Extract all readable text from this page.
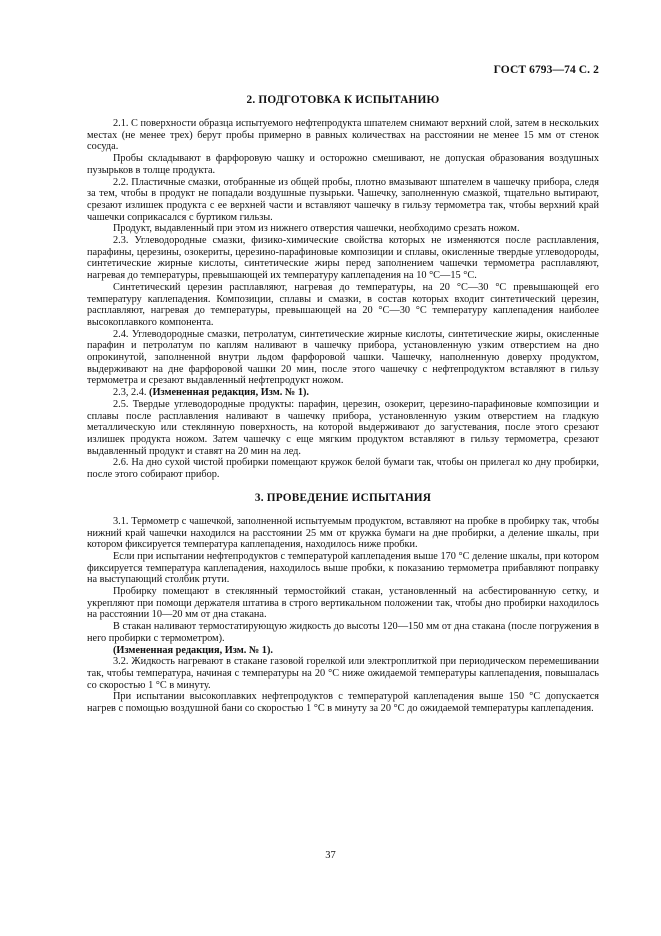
ГОСТ 6793—74 С. 2
2. ПОДГОТОВКА К ИСПЫТАНИЮ

2.1. С поверхности образца испытуемого нефтепродукта шпателем снимают верхний слой, затем в нескольких местах (не менее трех) берут пробы примерно в равных количествах на расстоянии не менее 15 мм от стенок сосуда.

Пробы складывают в фарфоровую чашку и осторожно смешивают, не допуская образования воздушных пузырьков в толще продукта.

2.2. Пластичные смазки, отобранные из общей пробы, плотно вмазывают шпателем в чашечку прибора, следя за тем, чтобы в продукт не попадали воздушные пузырьки. Чашечку, заполненную смазкой, тщательно вытирают, срезают излишек продукта с ее верхней части и вставляют чашечку в гильзу термометра так, чтобы верхний край чашечки соприкасался с буртиком гильзы.

Продукт, выдавленный при этом из нижнего отверстия чашечки, необходимо срезать ножом.

2.3. Углеводородные смазки, физико-химические свойства которых не изменяются после расплавления, парафины, церезины, озокериты, церезино-парафиновые композиции и сплавы, окисленные твердые углеводороды, синтетические жирные кислоты, синтетические жиры перед заполнением чашечки термометра расплавляют, нагревая до температуры, превышающей их температуру каплепадения на 10 °С—15 °С.

Синтетический церезин расплавляют, нагревая до температуры, на 20 °С—30 °С превышающей его температуру каплепадения. Композиции, сплавы и смазки, в состав которых входит синтетический церезин, расплавляют, нагревая до температуры, превышающей на 20 °С—30 °С температуру каплепадения наиболее высокоплавкого компонента.

2.4. Углеводородные смазки, петролатум, синтетические жирные кислоты, синтетические жиры, окисленные парафин и петролатум по каплям наливают в чашечку прибора, установленную узким отверстием на дно опрокинутой, заполненной внутри льдом фарфоровой чашки. Чашечку, наполненную доверху продуктом, выдерживают на дне фарфоровой чашки 20 мин, после этого чашечку с нефтепродуктом вставляют в гильзу термометра и срезают выдавленный нефтепродукт ножом.

2.3, 2.4. (Измененная редакция, Изм. № 1).

2.5. Твердые углеводородные продукты: парафин, церезин, озокерит, церезино-парафиновые композиции и сплавы после расплавления наливают в чашечку прибора, установленную узким отверстием на гладкую металлическую или стеклянную поверхность, на которой выдерживают до загустевания, после этого срезают излишек продукта ножом. Затем чашечку с еще мягким продуктом вставляют в гильзу термометра, срезают выдавленный продукт и ставят на 20 мин на лед.

2.6. На дно сухой чистой пробирки помещают кружок белой бумаги так, чтобы он прилегал ко дну пробирки, после этого собирают прибор.

3. ПРОВЕДЕНИЕ ИСПЫТАНИЯ

3.1. Термометр с чашечкой, заполненной испытуемым продуктом, вставляют на пробке в пробирку так, чтобы нижний край чашечки находился на расстоянии 25 мм от кружка бумаги на дне пробирки, а деление шкалы, при котором фиксируется температура каплепадения, находилось ниже пробки.

Если при испытании нефтепродуктов с температурой каплепадения выше 170 °С деление шкалы, при котором фиксируется температура каплепадения, находилось выше пробки, к показанию термометра прибавляют поправку на выступающий столбик ртути.

Пробирку помещают в стеклянный термостойкий стакан, установленный на асбестированную сетку, и укрепляют при помощи держателя штатива в строго вертикальном положении так, чтобы дно пробирки находилось на расстоянии 10—20 мм от дна стакана.

В стакан наливают термостатирующую жидкость до высоты 120—150 мм от дна стакана (после погружения в него пробирки с термометром).

(Измененная редакция, Изм. № 1).

3.2. Жидкость нагревают в стакане газовой горелкой или электроплиткой при периодическом перемешивании так, чтобы температура, начиная с температуры на 20 °С ниже ожидаемой температуры каплепадения, повышалась со скоростью 1 °С в минуту.

При испытании высокоплавких нефтепродуктов с температурой каплепадения выше 150 °С допускается нагрев с помощью воздушной бани со скоростью 1 °С в минуту за 20 °С до ожидаемой температуры каплепадения.

37
